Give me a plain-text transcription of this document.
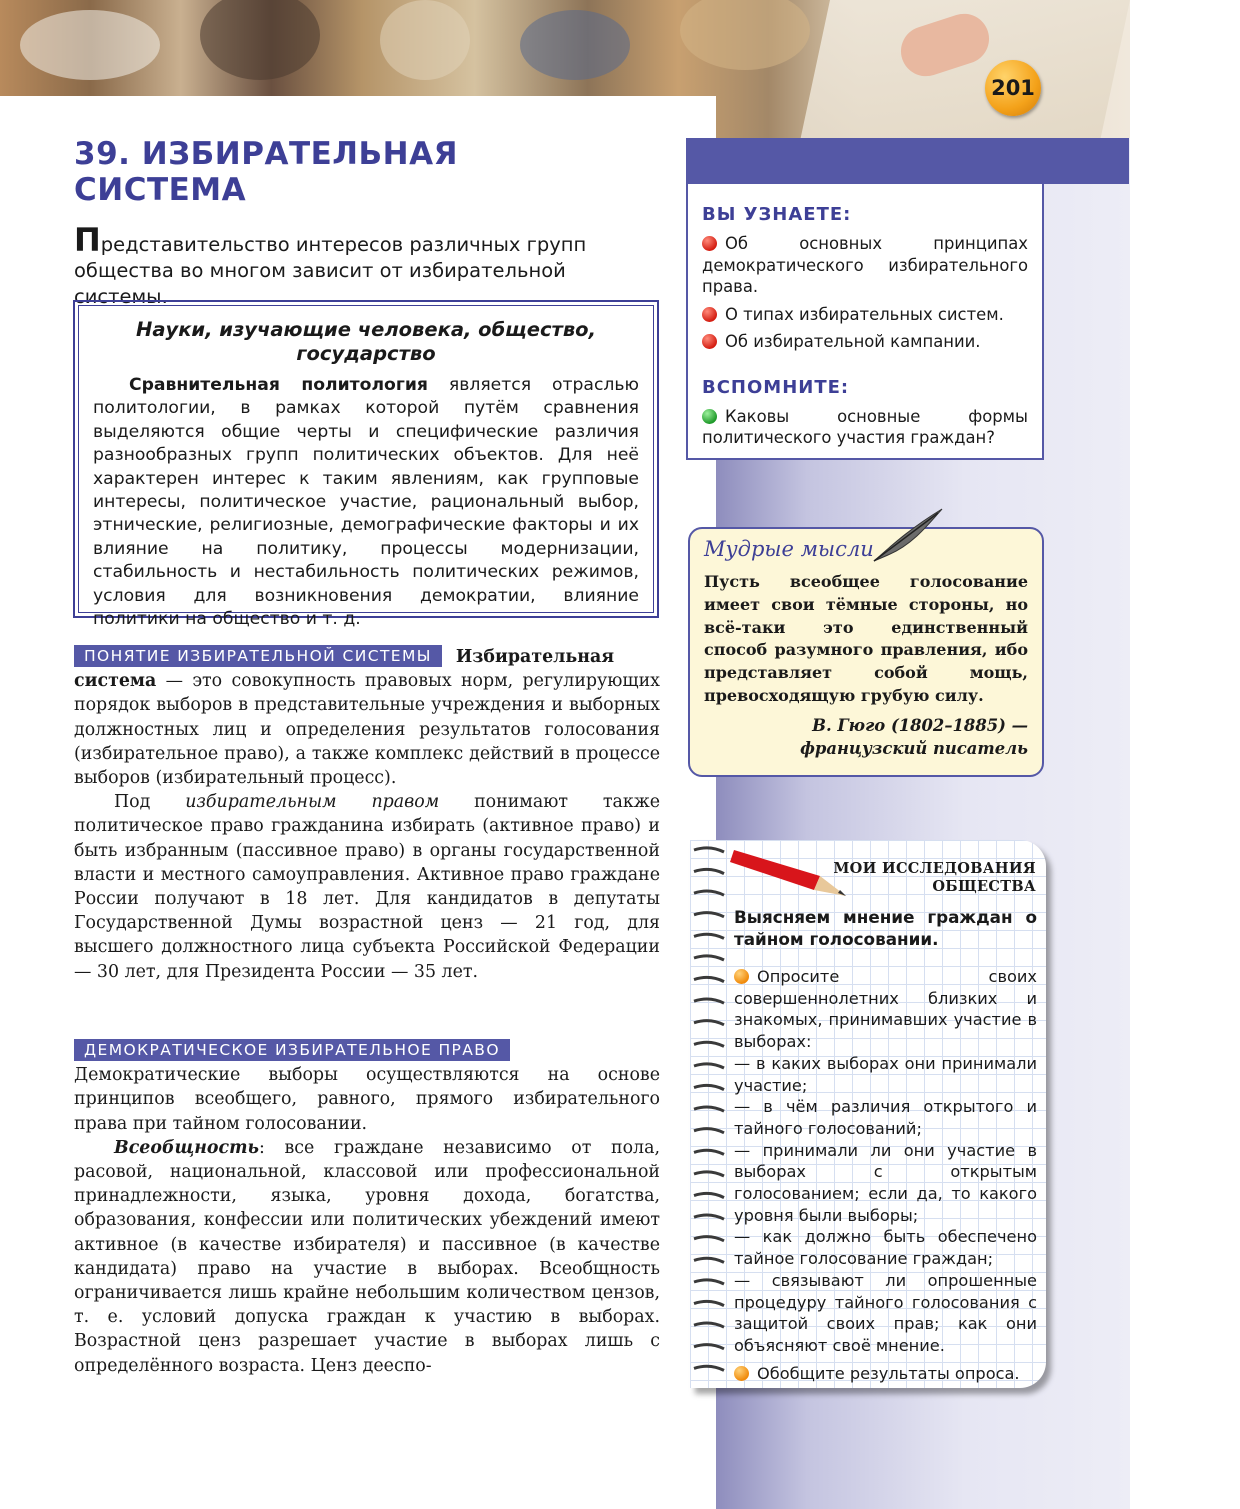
201
39. ИЗБИРАТЕЛЬНАЯ
СИСТЕМА
Представительство интересов различных групп общества во многом зависит от избирательной системы.
Науки, изучающие человека, общество,
государство

Сравнительная политология является отраслью политологии, в рамках которой путём сравнения выделяются общие черты и специфические различия разнообразных групп политических объектов. Для неё характерен интерес к таким явлениям, как групповые интересы, политическое участие, рациональный выбор, этнические, религиозные, демографические факторы и их влияние на политику, процессы модернизации, стабильность и нестабильность политических режимов, условия для возникновения демократии, влияние политики на общество и т. д.

ПОНЯТИЕ ИЗБИРАТЕЛЬНОЙ СИСТЕМЫ Избирательная система — это совокупность правовых норм, регулирующих порядок выборов в представительные учреждения и выборных должностных лиц и определения результатов голосования (избирательное право), а также комплекс действий в процессе выборов (избирательный процесс).

Под избирательным правом понимают также политическое право гражданина избирать (активное право) и быть избранным (пассивное право) в органы государственной власти и местного самоуправления. Активное право гражданe России получают в 18 лет. Для кандидатов в депутаты Государственной Думы возрастной ценз — 21 год, для высшего должностного лица субъекта Российской Федерации — 30 лет, для Президента России — 35 лет.

ДЕМОКРАТИЧЕСКОЕ ИЗБИРАТЕЛЬНОЕ ПРАВОДемократические выборы осуществляются на основе принципов всеобщего, равного, прямого избирательного права при тайном голосовании.

Всеобщность: все граждане независимо от пола, расовой, национальной, классовой или профессиональной принадлежности, языка, уровня дохода, богатства, образования, конфессии или политических убеждений имеют активное (в качестве избирателя) и пассивное (в качестве кандидата) право на участие в выборах. Всеобщность ограничивается лишь крайне небольшим количеством цензов, т. е. условий допуска граждан к участию в выборах. Возрастной ценз разрешает участие в выборах лишь с определённого возраста. Ценз дееспо-

ВЫ УЗНАЕТЕ:
Об основных принципах демократического избирательного права.
О типах избирательных систем.
Об избирательной кампании.
ВСПОМНИТЕ:
Каковы основные формы политического участия граждан?
Мудрые мысли
Пусть всеобщее голосование имеет свои тёмные стороны, но всё-таки это единственный способ разумного правления, ибо представляет собой мощь, превосходящую грубую силу.
В. Гюго (1802–1885) —
французский писатель
МОИ ИССЛЕДОВАНИЯ
ОБЩЕСТВА
Выясняем мнение граждан о тайном голосовании.

Опросите своих совершеннолетних близких и знакомых, принимавших участие в выборах:

— в каких выборах они принимали участие;

— в чём различия открытого и тайного голосований;

— принимали ли они участие в выборах с открытым голосованием; если да, то какого уровня были выборы;

— как должно быть обеспечено тайное голосование граждан;

— связывают ли опрошенные процедуру тайного голосования с защитой своих прав; как они объясняют своё мнение.

Обобщите результаты опроса.
